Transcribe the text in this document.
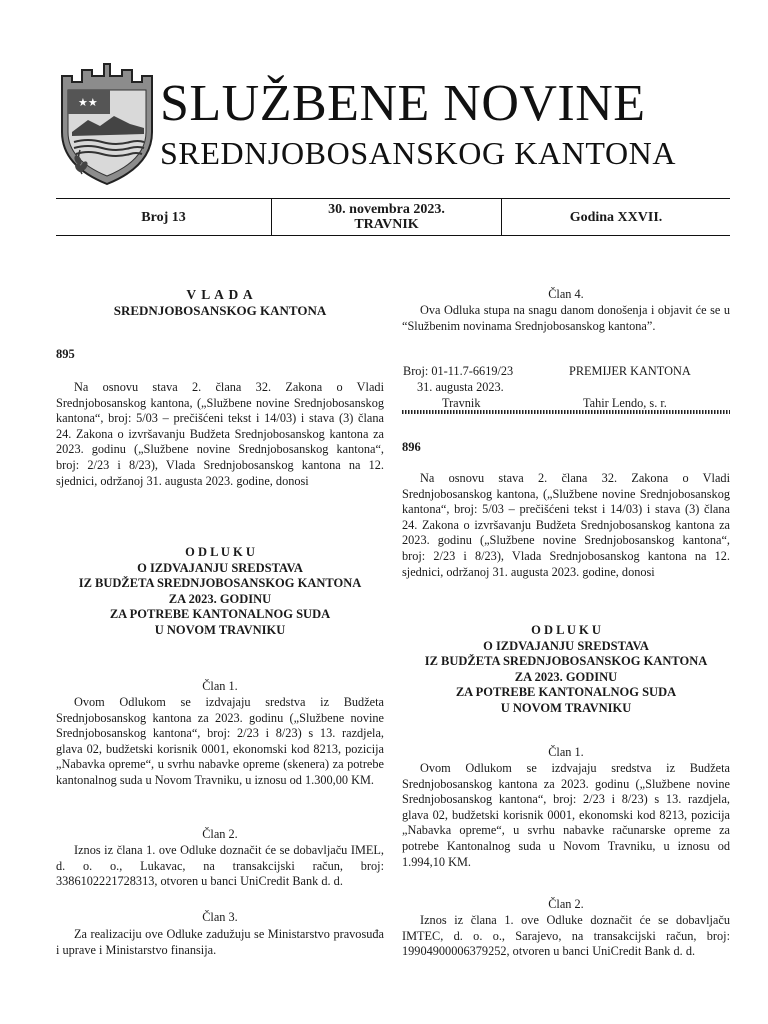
★★ SLUŽBENE NOVINE
SREDNJOBOSANSKOG KANTONA
Broj 13	30. novembra 2023.
TRAVNIK	Godina XXVII.
V L A D A
SREDNJOBOSANSKOG KANTONA
895

Na osnovu stava 2. člana 32. Zakona o Vladi Srednjobosanskog kantona, („Službene novine Srednjobosanskog kantona“, broj: 5/03 – prečišćeni tekst i 14/03) i stava (3) člana 24. Zakona o izvršavanju Budžeta Srednjobosanskog kantona za 2023. godinu („Službene novine Srednjobosanskog kantona“, broj: 2/23 i 8/23), Vlada Srednjobosanskog kantona na 12. sjednici, održanoj 31. augusta 2023. godine, donosi

O D L U K U
O IZDVAJANJU SREDSTAVA
IZ BUDŽETA SREDNJOBOSANSKOG KANTONA
ZA 2023. GODINU
ZA POTREBE KANTONALNOG SUDA
U NOVOM TRAVNIKU
Član 1.

Ovom Odlukom se izdvajaju sredstva iz Budžeta Srednjobosanskog kantona za 2023. godinu („Službene novine Srednjobosanskog kantona“, broj: 2/23 i 8/23) s 13. razdjela, glava 02, budžetski korisnik 0001, ekonomski kod 8213, pozicija „Nabavka opreme“, u svrhu nabavke opreme (skenera) za potrebe kantonalnog suda u Novom Travniku, u iznosu od 1.300,00 KM.

Član 2.

Iznos iz člana 1. ove Odluke doznačit će se dobavljaču IMEL, d. o. o., Lukavac, na transakcijski račun, broj: 3386102221728313, otvoren u banci UniCredit Bank d. d.

Član 3.

Za realizaciju ove Odluke zadužuju se Ministarstvo pravosuđa i uprave i Ministarstvo finansija.

Član 4.

Ova Odluka stupa na snagu danom donošenja i objavit će se u “Službenim novinama Srednjobosanskog kantona”.

Broj: 01-11.7-6619/23
31. augusta 2023.
Travnik
PREMIJER KANTONA
Tahir Lendo, s. r.
896

Na osnovu stava 2. člana 32. Zakona o Vladi Srednjobosanskog kantona, („Službene novine Srednjobosanskog kantona“, broj: 5/03 – prečišćeni tekst i 14/03) i stava (3) člana 24. Zakona o izvršavanju Budžeta Srednjobosanskog kantona za 2023. godinu („Službene novine Srednjobosanskog kantona“, broj: 2/23 i 8/23), Vlada Srednjobosanskog kantona na 12. sjednici, održanoj 31. augusta 2023. godine, donosi

O D L U K U
O IZDVAJANJU SREDSTAVA
IZ BUDŽETA SREDNJOBOSANSKOG KANTONA
ZA 2023. GODINU
ZA POTREBE KANTONALNOG SUDA
U NOVOM TRAVNIKU
Član 1.

Ovom Odlukom se izdvajaju sredstva iz Budžeta Srednjobosanskog kantona za 2023. godinu („Službene novine Srednjobosanskog kantona“, broj: 2/23 i 8/23) s 13. razdjela, glava 02, budžetski korisnik 0001, ekonomski kod 8213, pozicija „Nabavka opreme“, u svrhu nabavke računarske opreme za potrebe Kantonalnog suda u Novom Travniku, u iznosu od 1.994,10 KM.

Član 2.

Iznos iz člana 1. ove Odluke doznačit će se dobavljaču IMTEC, d. o. o., Sarajevo, na transakcijski račun, broj: 1990490000637925​2, otvoren u banci UniCredit Bank d. d.
